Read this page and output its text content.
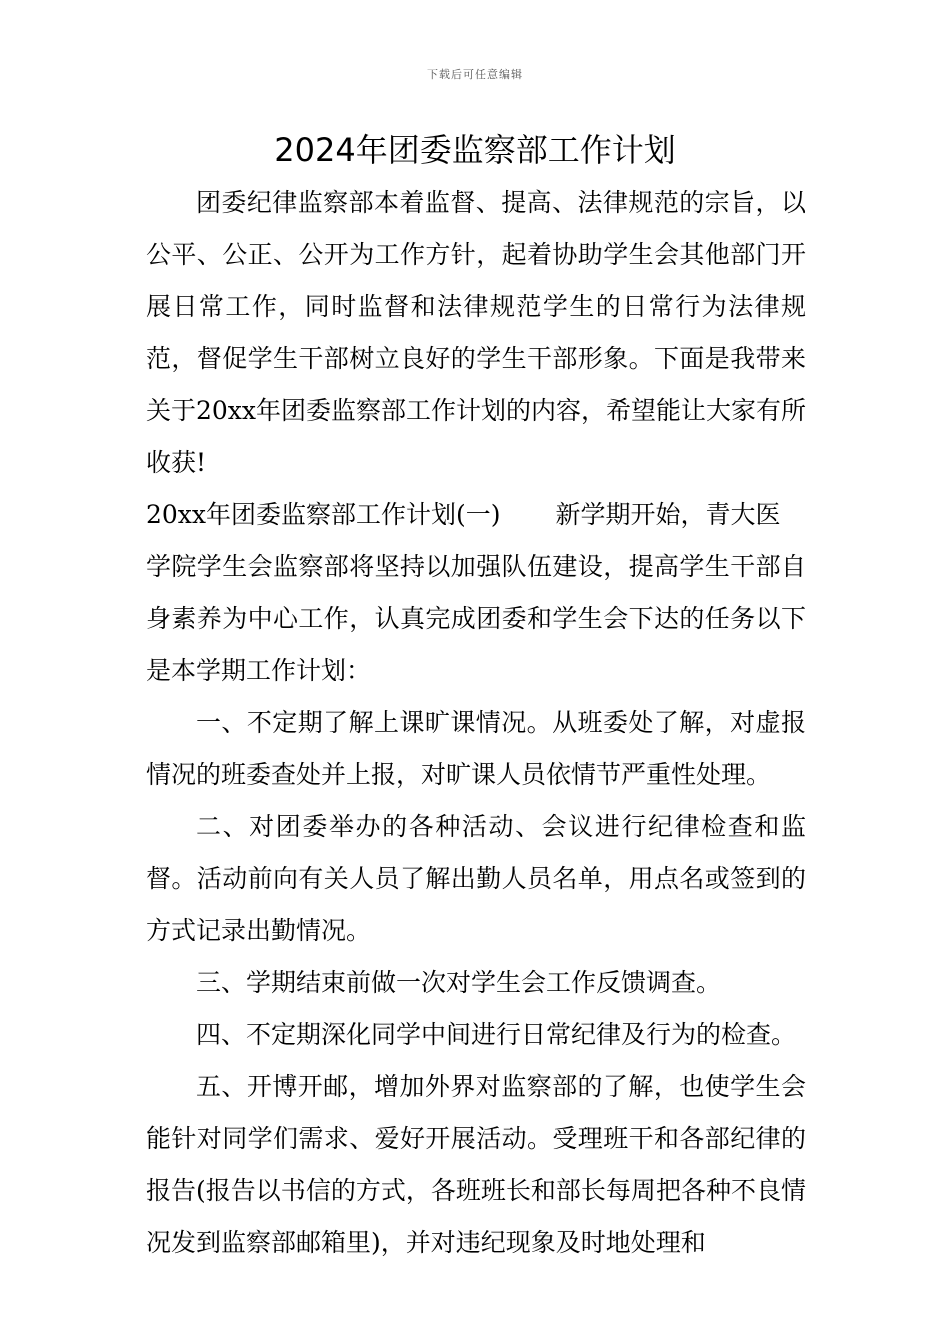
下载后可任意编辑
2024年团委监察部工作计划

团委纪律监察部本着监督、提高、法律规范的宗旨，以 公平、公正、公开为工作方针，起着协助学生会其他部门开展日常工作，同时监督和法律规范学生的日常行为法律规范，督促学生干部树立良好的学生干部形象。下面是我带来关于20xx年团委监察部工作计划的内容，希望能让大家有所收获!

20xx年团委监察部工作计划(一) 新学期开始，青大医

学院学生会监察部将坚持以加强队伍建设，提高学生干部自身素养为中心工作，认真完成团委和学生会下达的任务以下是本学期工作计划：

一、不定期了解上课旷课情况。从班委处了解，对虚报情况的班委查处并上报，对旷课人员依情节严重性处理。

二、对团委举办的各种活动、会议进行纪律检查和监督。活动前向有关人员了解出勤人员名单，用点名或签到的方式记录出勤情况。

三、学期结束前做一次对学生会工作反馈调查。

四、不定期深化同学中间进行日常纪律及行为的检查。

五、开博开邮，增加外界对监察部的了解，也使学生会能针对同学们需求、爱好开展活动。受理班干和各部纪律的报告(报告以书信的方式，各班班长和部长每周把各种不良情况发到监察部邮箱里)，并对违纪现象及时地处理和
